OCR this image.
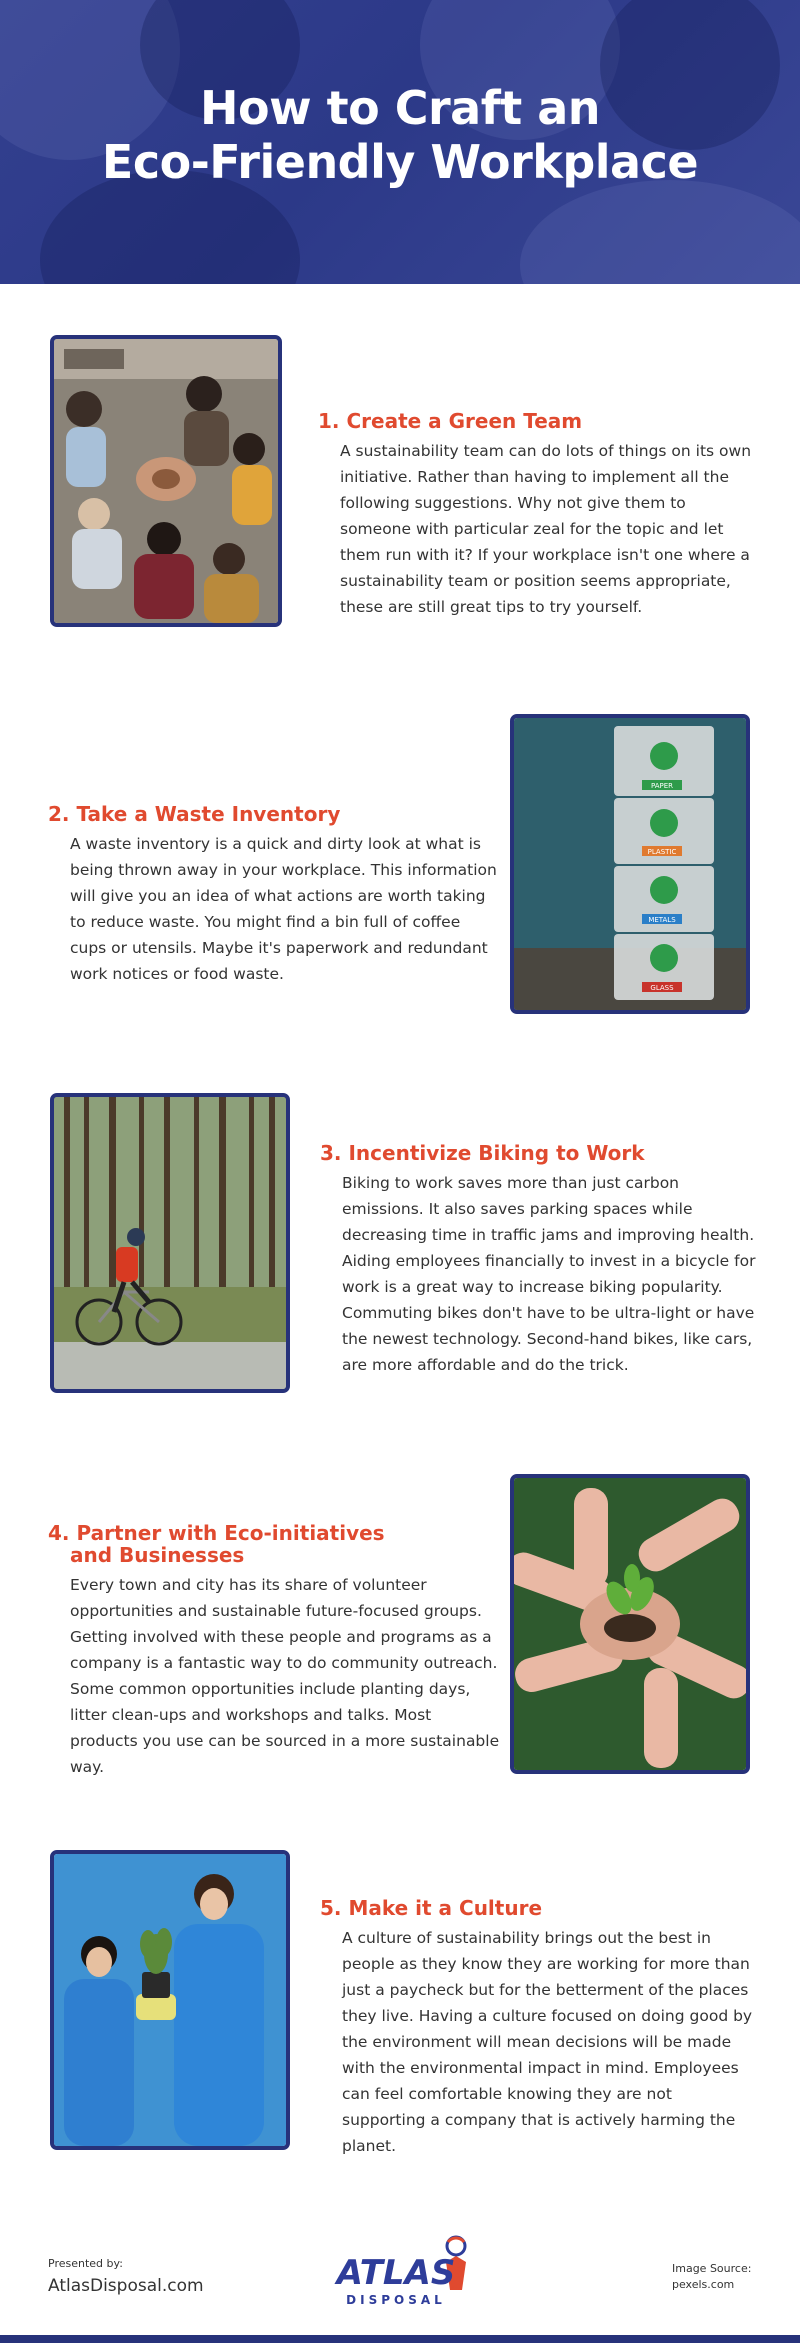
How to Craft an
Eco-Friendly Workplace

1. Create a Green Team

A sustainability team can do lots of things on its own initiative. Rather than having to implement all the following suggestions. Why not give them to someone with particular zeal for the topic and let them run with it? If your workplace isn't one where a sustainability team or position seems appropriate, these are still great tips to try yourself.

2. Take a Waste Inventory

A waste inventory is a quick and dirty look at what is being thrown away in your workplace. This information will give you an idea of what actions are worth taking to reduce waste. You might find a bin full of coffee cups or utensils. Maybe it's paperwork and redundant work notices or food waste.

PAPER
PLASTIC
METALS
GLASS

3. Incentivize Biking to Work

Biking to work saves more than just carbon emissions. It also saves parking spaces while decreasing time in traffic jams and improving health. Aiding employees financially to invest in a bicycle for work is a great way to increase biking popularity. Commuting bikes don't have to be ultra-light or have the newest technology. Second-hand bikes, like cars, are more affordable and do the trick.

4. Partner with Eco-initiatives
and Businesses

Every town and city has its share of volunteer opportunities and sustainable future-focused groups. Getting involved with these people and programs as a company is a fantastic way to do community outreach. Some common opportunities include planting days, litter clean-ups and workshops and talks. Most products you use can be sourced in a more sustainable way.

5. Make it a Culture

A culture of sustainability brings out the best in people as they know they are working for more than just a paycheck but for the betterment of the places they live. Having a culture focused on doing good by the environment will mean decisions will be made with the environmental impact in mind. Employees can feel comfortable knowing they are not supporting a company that is actively harming the planet.

Presented by:
AtlasDisposal.com	ATLAS
DISPOSAL
Image Source:
pexels.com
